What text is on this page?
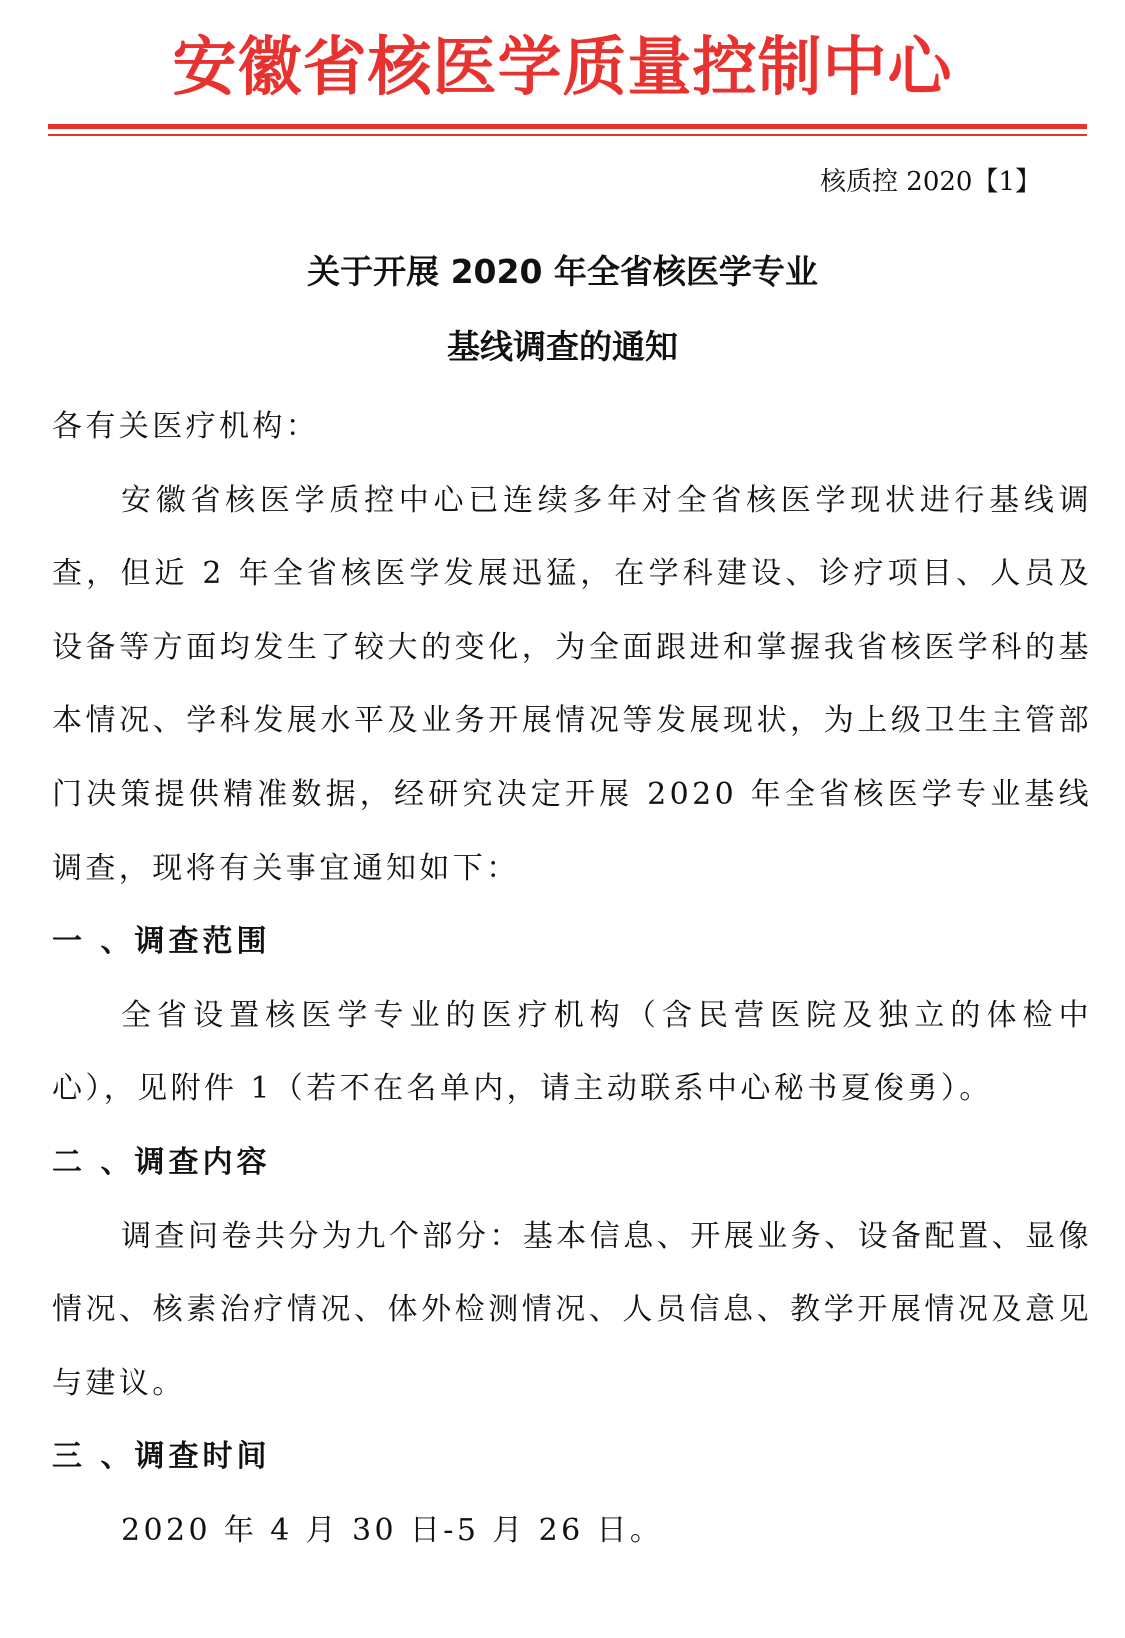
安徽省核医学质量控制中心
核质控 2020【1】
关于开展 2020 年全省核医学专业
基线调查的通知

各有关医疗机构：

安徽省核医学质控中心已连续多年对全省核医学现状进行基线调查，但近 2 年全省核医学发展迅猛，在学科建设、诊疗项目、人员及设备等方面均发生了较大的变化，为全面跟进和掌握我省核医学科的基本情况、学科发展水平及业务开展情况等发展现状，为上级卫生主管部门决策提供精准数据，经研究决定开展 2020 年全省核医学专业基线调查，现将有关事宜通知如下：

一 、调查范围

全省设置核医学专业的医疗机构（含民营医院及独立的体检中心），见附件 1（若不在名单内，请主动联系中心秘书夏俊勇）。

二 、调查内容

调查问卷共分为九个部分：基本信息、开展业务、设备配置、显像情况、核素治疗情况、体外检测情况、人员信息、教学开展情况及意见与建议。

三 、调查时间

2020 年 4 月 30 日-5 月 26 日。
